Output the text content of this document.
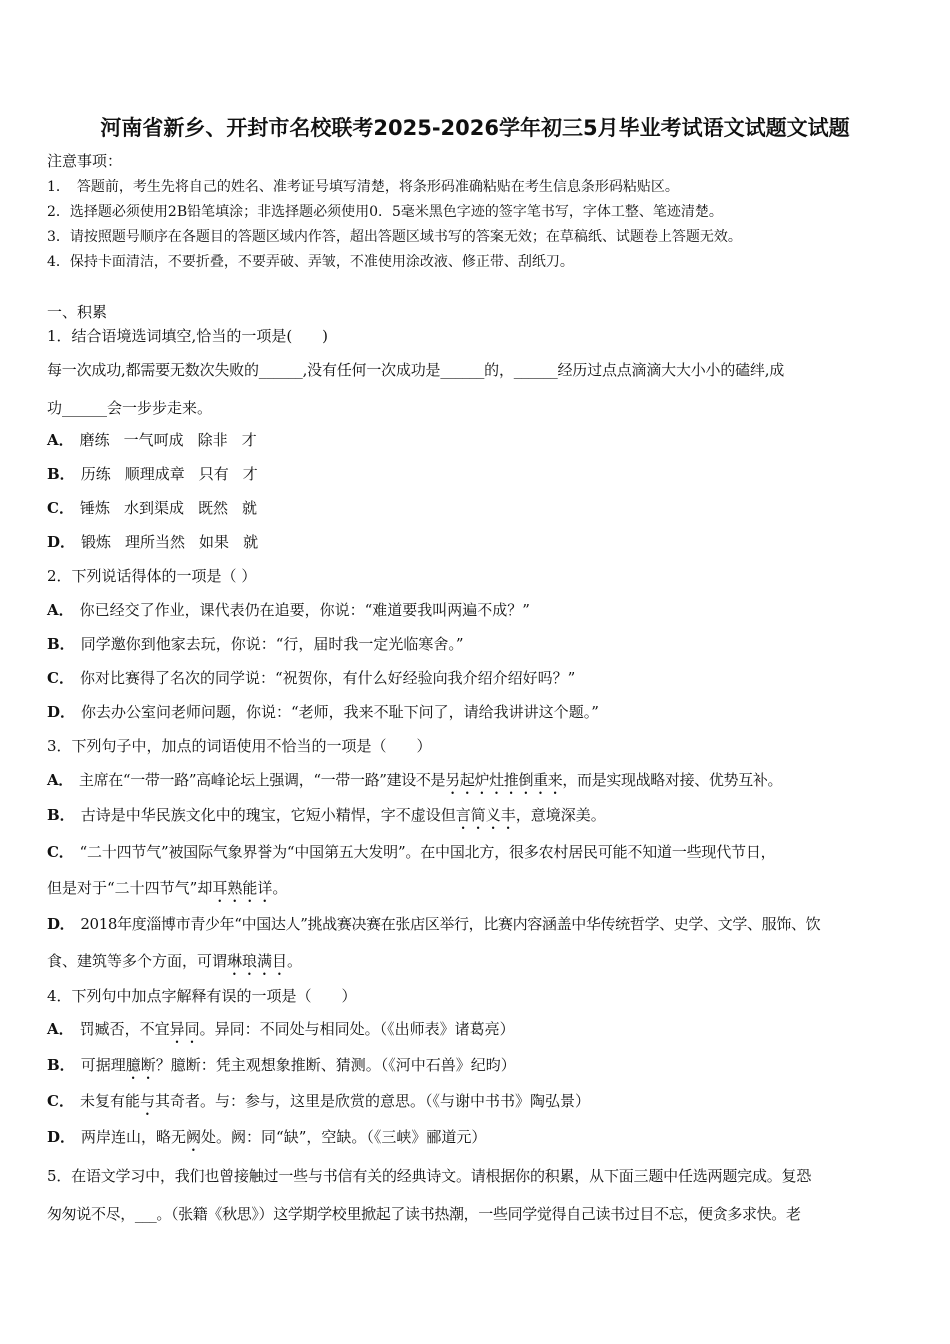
河南省新乡、开封市名校联考2025-2026学年初三5月毕业考试语文试题文试题
注意事项：
1．　答题前，考生先将自己的姓名、准考证号填写清楚，将条形码准确粘贴在考生信息条形码粘贴区。
2．选择题必须使用2B铅笔填涂；非选择题必须使用0．5毫米黑色字迹的签字笔书写，字体工整、笔迹清楚。
3．请按照题号顺序在各题目的答题区域内作答，超出答题区域书写的答案无效；在草稿纸、试题卷上答题无效。
4．保持卡面清洁，不要折叠，不要弄破、弄皱，不准使用涂改液、修正带、刮纸刀。
一、积累
1．结合语境选词填空,恰当的一项是(　　)
每一次成功,都需要无数次失败的______,没有任何一次成功是______的，______经历过点点滴滴大大小小的磕绊,成
功______会一步步走来。
A． 磨练 一气呵成 除非 才
B． 历练 顺理成章 只有 才
C． 锤炼 水到渠成 既然 就
D． 锻炼 理所当然 如果 就
2．下列说话得体的一项是（ ）
A． 你已经交了作业，课代表仍在追要，你说：“难道要我叫两遍不成？”
B． 同学邀你到他家去玩，你说：“行，届时我一定光临寒舍。”
C． 你对比赛得了名次的同学说：“祝贺你，有什么好经验向我介绍介绍好吗？”
D． 你去办公室问老师问题，你说：“老师，我来不耻下问了，请给我讲讲这个题。”
3．下列句子中，加点的词语使用不恰当的一项是（　　）
A． 主席在“一带一路”高峰论坛上强调，“一带一路”建设不是另起炉灶推倒重来，而是实现战略对接、优势互补。
B． 古诗是中华民族文化中的瑰宝，它短小精悍，字不虚设但言简义丰，意境深美。
C． “二十四节气”被国际气象界誉为“中国第五大发明”。在中国北方，很多农村居民可能不知道一些现代节日，
但是对于“二十四节气”却耳熟能详。
D． 2018年度淄博市青少年“中国达人”挑战赛决赛在张店区举行，比赛内容涵盖中华传统哲学、史学、文学、服饰、饮
食、建筑等多个方面，可谓琳琅满目。
4．下列句中加点字解释有误的一项是（　　）
A． 罚臧否，不宜异同。异同：不同处与相同处。（《出师表》诸葛亮）
B． 可据理臆断？臆断：凭主观想象推断、猜测。（《河中石兽》纪昀）
C． 未复有能与其奇者。与：参与，这里是欣赏的意思。（《与谢中书书》陶弘景）
D． 两岸连山，略无阙处。阙：同“缺”，空缺。（《三峡》郦道元）
5．在语文学习中，我们也曾接触过一些与书信有关的经典诗文。请根据你的积累，从下面三题中任选两题完成。复恐
匆匆说不尽，___。（张籍《秋思》）这学期学校里掀起了读书热潮，一些同学觉得自己读书过目不忘，便贪多求快。老
